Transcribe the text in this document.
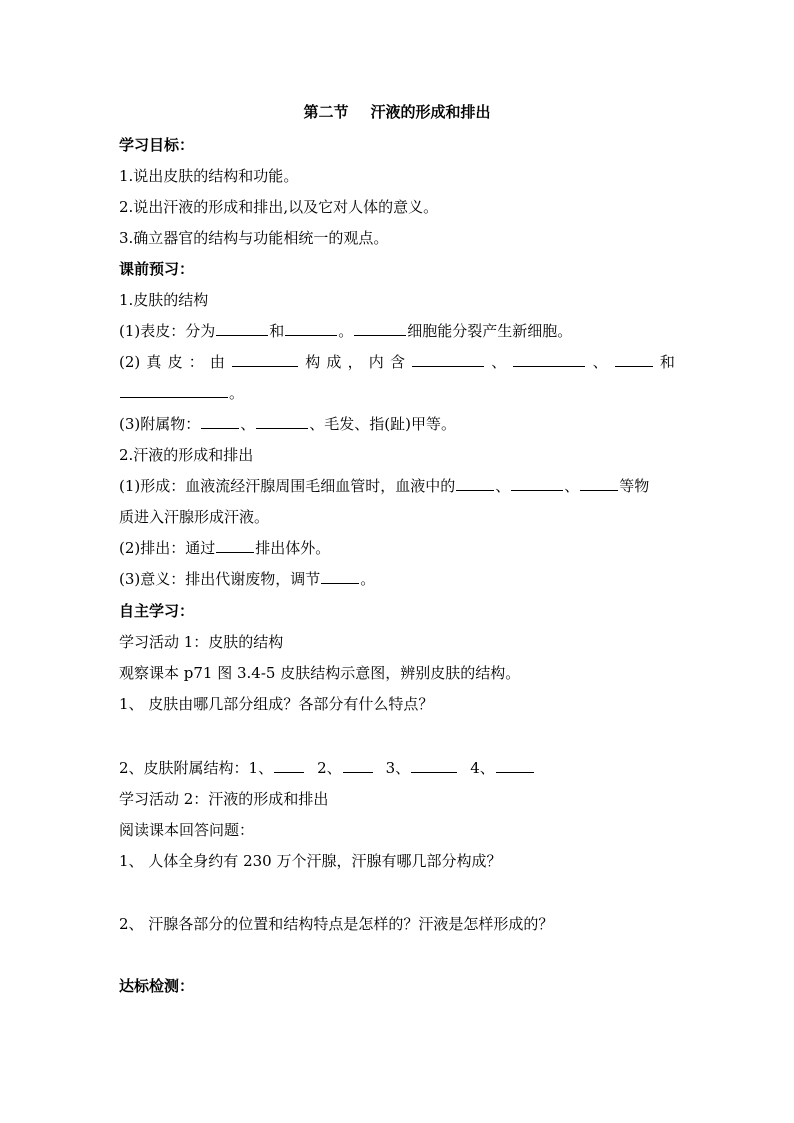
第二节 汗液的形成和排出
学习目标：
1.说出皮肤的结构和功能。
2.说出汗液的形成和排出,以及它对人体的意义。
3.确立器官的结构与功能相统一的观点。
课前预习：
1.皮肤的结构
(1)表皮：分为	和	。	细胞能分裂产生新细胞。
(2) 真 皮 ： 由	构 成 ， 内 含	、	、	和
。
(3)附属物：	、	、毛发、指(趾)甲等。
2.汗液的形成和排出
(1)形成：血液流经汗腺周围毛细血管时，血液中的	、	、	等物
质进入汗腺形成汗液。
(2)排出：通过	排出体外。
(3)意义：排出代谢废物，调节	。
自主学习：
学习活动 1：皮肤的结构
观察课本 p71 图 3.4-5 皮肤结构示意图，辨别皮肤的结构。
1、 皮肤由哪几部分组成？各部分有什么特点？
2、皮肤附属结构：1、	2、	3、	4、
学习活动 2：汗液的形成和排出
阅读课本回答问题：
1、 人体全身约有 230 万个汗腺，汗腺有哪几部分构成？
2、 汗腺各部分的位置和结构特点是怎样的？汗液是怎样形成的？
达标检测：
